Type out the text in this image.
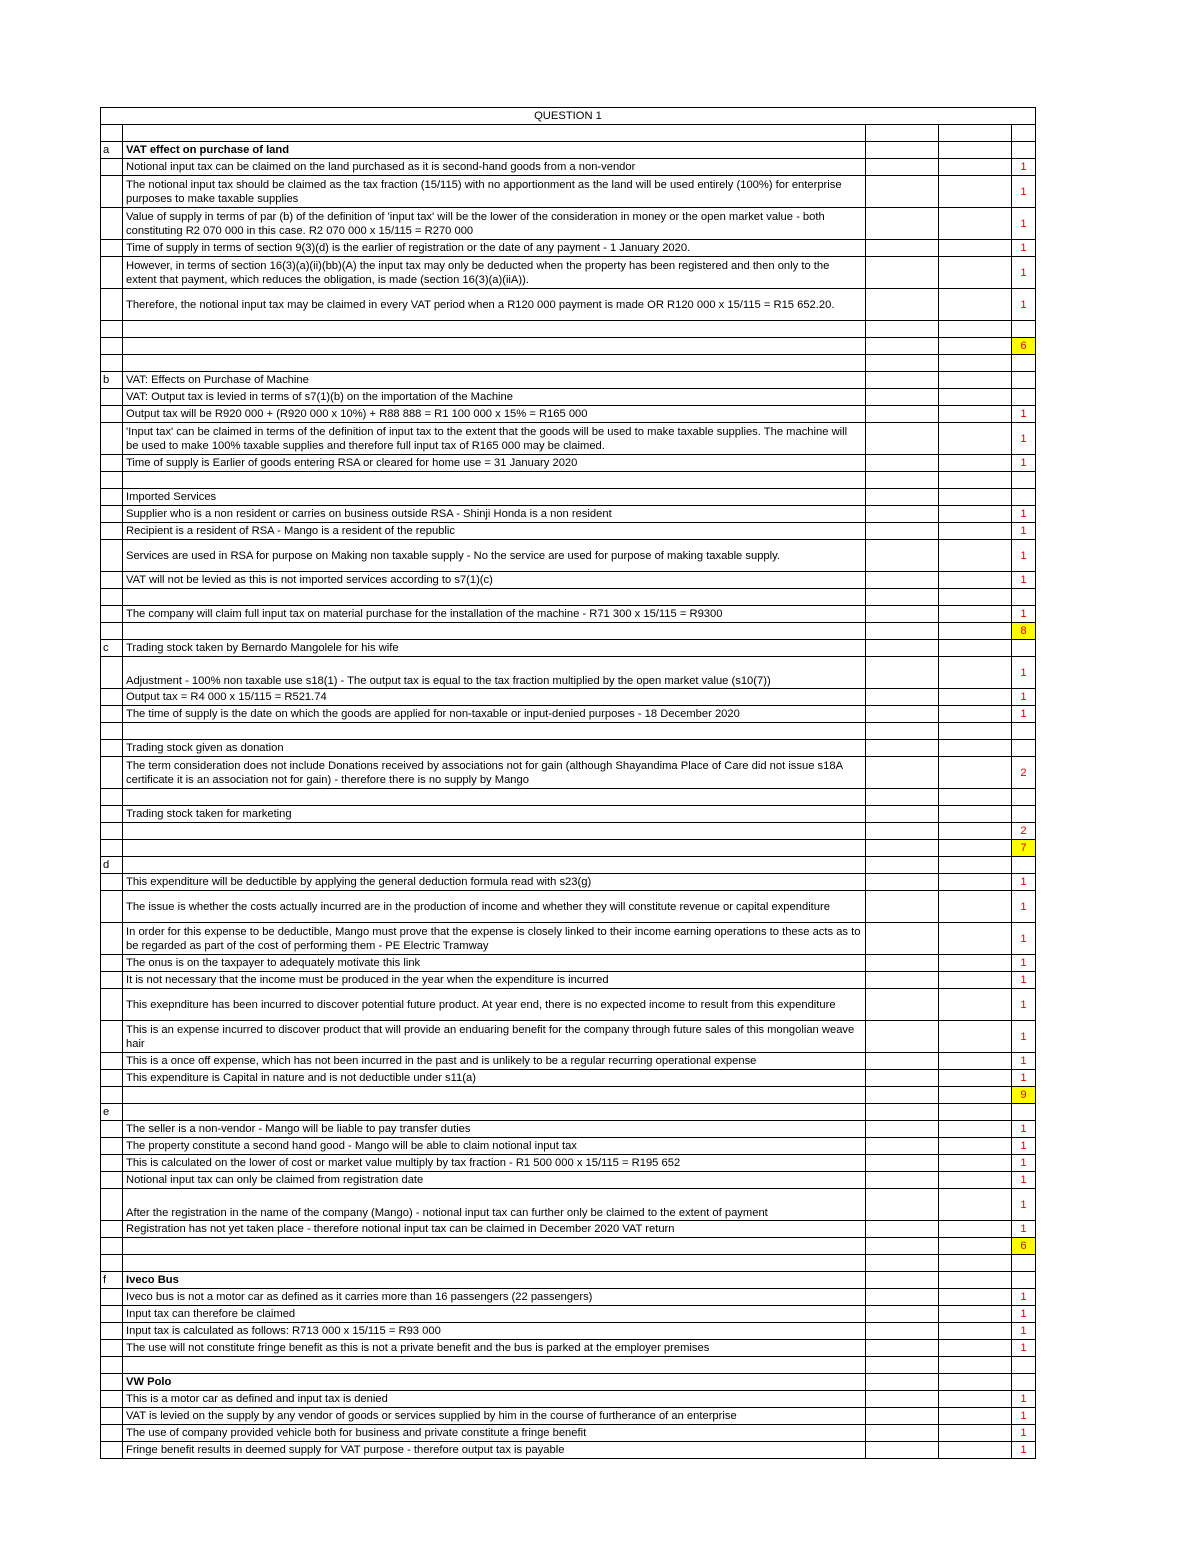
QUESTION 1				

a	VAT effect on purchase of land			
	Notional input tax can be claimed on the land purchased as it is second-hand goods from a non-vendor			1
	The notional input tax should be claimed as the tax fraction (15/115) with no apportionment as the land will be used entirely (100%) for enterprise purposes to make taxable supplies			1
	Value of supply in terms of par (b) of the definition of 'input tax' will be the lower of the consideration in money or the open market value - both constituting R2 070 000 in this case. R2 070 000 x 15/115 = R270 000			1
	Time of supply in terms of section 9(3)(d) is the earlier of registration or the date of any payment - 1 January 2020.			1
	However, in terms of section 16(3)(a)(ii)(bb)(A) the input tax may only be deducted when the property has been registered and then only to the extent that payment, which reduces the obligation, is made (section 16(3)(a)(iiA)).			1
	Therefore, the notional input tax may be claimed in every VAT period when a R120 000 payment is made OR R120 000 x 15/115 = R15 652.20.			1

				6

b	VAT: Effects on Purchase of Machine			
	VAT: Output tax is levied in terms of s7(1)(b) on the importation of the Machine			
	Output tax will be R920 000 + (R920 000 x 10%) + R88 888 = R1 100 000 x 15% = R165 000			1
	'Input tax' can be claimed in terms of the definition of input tax to the extent that the goods will be used to make taxable supplies. The machine will be used to make 100% taxable supplies and therefore full input tax of R165 000 may be claimed.			1
	Time of supply is Earlier of goods entering RSA or cleared for home use = 31 January 2020			1

	Imported Services			
	Supplier who is a non resident or carries on business outside RSA - Shinji Honda is a non resident			1
	Recipient is a resident of RSA - Mango is a resident of the republic			1
	Services are used in RSA for purpose on Making non taxable supply - No the service are used for purpose of making taxable supply.			1
	VAT will not be levied as this is not imported services according to s7(1)(c)			1

	The company will claim full input tax on material purchase for the installation of the machine - R71 300 x 15/115 = R9300			1
				8
c	Trading stock taken by Bernardo Mangolele for his wife			
	Adjustment - 100% non taxable use s18(1) - The output tax is equal to the tax fraction multiplied by the open market value (s10(7))			1
	Output tax = R4 000 x 15/115 = R521.74			1
	The time of supply is the date on which the goods are applied for non-taxable or input-denied purposes - 18 December 2020			1

	Trading stock given as donation			
	The term consideration does not include Donations received by associations not for gain (although Shayandima Place of Care did not issue s18A certificate it is an association not for gain) - therefore there is no supply by Mango			2

	Trading stock taken for marketing			
				2
				7
d				
	This expenditure will be deductible by applying the general deduction formula read with s23(g)			1
	The issue is whether the costs actually incurred are in the production of income and whether they will constitute revenue or capital expenditure			1
	In order for this expense to be deductible, Mango must prove that the expense is closely linked to their income earning operations to these acts as to be regarded as part of the cost of performing them - PE Electric Tramway			1
	The onus is on the taxpayer to adequately motivate this link			1
	It is not necessary that the income must be produced in the year when the expenditure is incurred			1
	This exepnditure has been incurred to discover potential future product. At year end, there is no expected income to result from this expenditure			1
	This is an expense incurred to discover product that will provide an enduaring benefit for the company through future sales of this mongolian weave hair			1
	This is a once off expense, which has not been incurred in the past and is unlikely to be a regular recurring operational expense			1
	This expenditure is Capital in nature and is not deductible under s11(a)			1
				9
e				
	The seller is a non-vendor - Mango will be liable to pay transfer duties			1
	The property constitute a second hand good - Mango will be able to claim notional input tax			1
	This is calculated on the lower of cost or market value multiply by tax fraction - R1 500 000 x 15/115 = R195 652			1
	Notional input tax can only be claimed from registration date			1
	After the registration in the name of the company (Mango) - notional input tax can further only be claimed to the extent of payment			1
	Registration has not yet taken place - therefore notional input tax can be claimed in December 2020 VAT return			1
				6

f	Iveco Bus			
	Iveco bus is not a motor car as defined as it carries more than 16 passengers (22 passengers)			1
	Input tax can therefore be claimed			1
	Input tax is calculated as follows: R713 000 x 15/115 = R93 000			1
	The use will not constitute fringe benefit as this is not a private benefit and the bus is parked at the employer premises			1

	VW Polo			
	This is a motor car as defined and input tax is denied			1
	VAT is levied on the supply by any vendor of goods or services supplied by him in the course of furtherance of an enterprise			1
	The use of company provided vehicle both for business and private constitute a fringe benefit			1
	Fringe benefit results in deemed supply for VAT purpose - therefore output tax is payable			1
